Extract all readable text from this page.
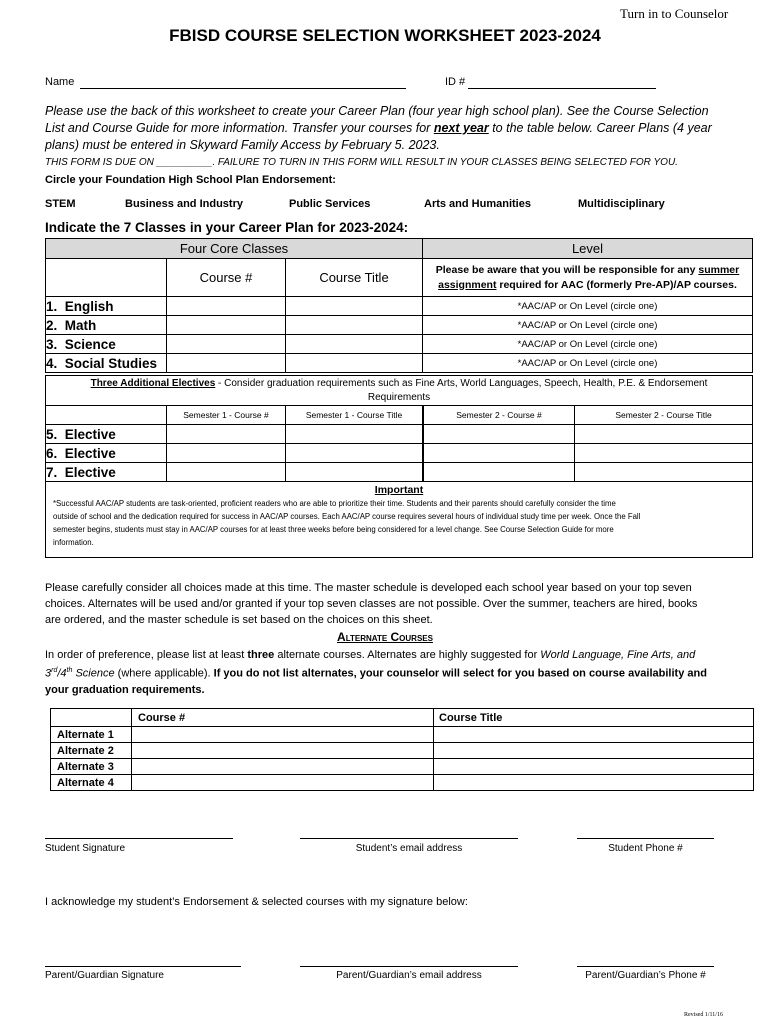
Turn in to Counselor
FBISD COURSE SELECTION WORKSHEET 2023-2024
Name	ID #
Please use the back of this worksheet to create your Career Plan (four year high school plan). See the Course Selection
List and Course Guide for more information. Transfer your courses for next year to the table below. Career Plans (4 year
plans) must be entered in Skyward Family Access by February 5. 2023.
THIS FORM IS DUE ON __________. FAILURE TO TURN IN THIS FORM WILL RESULT IN YOUR CLASSES BEING SELECTED FOR YOU.
Circle your Foundation High School Plan Endorsement:
STEM	Business and Industry	Public Services	Arts and Humanities	Multidisciplinary
Indicate the 7 Classes in your Career Plan for 2023-2024:
Four Core Classes			Level
	Course #	Course Title	Please be aware that you will be responsible for any summer
assignment required for AAC (formerly Pre-AP)/AP courses.
1. English			*AAC/AP or On Level (circle one)
2. Math			*AAC/AP or On Level (circle one)
3. Science			*AAC/AP or On Level (circle one)
4. Social Studies			*AAC/AP or On Level (circle one)
Three Additional Electives - Consider graduation requirements such as Fine Arts, World Languages, Speech, Health, P.E. & Endorsement
Requirements				
	Semester 1 - Course #	Semester 1 - Course Title	Semester 2 - Course #	Semester 2 - Course Title
5. Elective				
6. Elective				
7. Elective				

Important
*Successful AAC/AP students are task-oriented, proficient readers who are able to prioritize their time. Students and their parents should carefully consider the time
outside of school and the dedication required for success in AAC/AP courses. Each AAC/AP course requires several hours of individual study time per week. Once the Fall
semester begins, students must stay in AAC/AP courses for at least three weeks before being considered for a level change. See Course Selection Guide for more
information.				
Please carefully consider all choices made at this time. The master schedule is developed each school year based on your top seven
choices. Alternates will be used and/or granted if your top seven classes are not possible. Over the summer, teachers are hired, books
are ordered, and the master schedule is set based on the choices on this sheet.
Alternate Courses
In order of preference, please list at least three alternate courses. Alternates are highly suggested for World Language, Fine Arts, and
3rd/4th Science (where applicable). If you do not list alternates, your counselor will select for you based on course availability and
your graduation requirements.
	Course #	Course Title
Alternate 1		
Alternate 2		
Alternate 3		
Alternate 4		
Student Signature	Student’s email address	Student Phone #
I acknowledge my student’s Endorsement & selected courses with my signature below:
Parent/Guardian Signature	Parent/Guardian’s email address	Parent/Guardian’s Phone #
Revised 1/11/16
